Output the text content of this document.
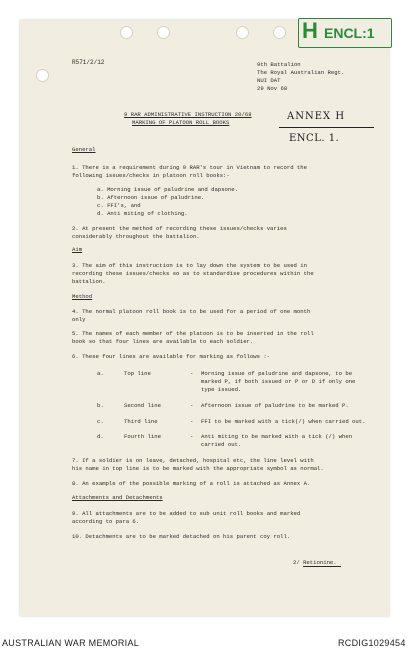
H ENCL:1
R571/2/12	9th Battalion
The Royal Australian Regt.
NUI DAT
29 Nov 68
9 RAR ADMINISTRATIVE INSTRUCTION 20/68
MARKING OF PLATOON ROLL BOOKS
ANNEX H
ENCL. 1.
General
1. There is a requirement during 9 RAR's tour in Vietnam to record the
following issues/checks in platoon roll books:-
a. Morning issue of paludrine and dapsone.
b. Afternoon issue of paludrine.
c. FFI's, and
d. Anti miting of clothing.
2. At present the method of recording these issues/checks varies
considerably throughout the battalion.
Aim
3. The aim of this instruction is to lay down the system to be used in
recording these issues/checks so as to standardise procedures within the
battalion.
Method
4. The normal platoon roll book is to be used for a period of one month
only
5. The names of each member of the platoon is to be inserted in the roll
book so that four lines are available to each soldier.
6. These four lines are available for marking as follows :-
a.	Top line	- Morning issue of paludrine and dapsone, to be
marked P, if both issued or P or D if only one
type issued.
b.	Second line	- Afternoon issue of paludrine to be marked P.
c.	Third line	- FFI to be marked with a tick(/) when carried out.
d.	Fourth line	- Anti miting to be marked with a tick (/) when
carried out.
7. If a soldier is on leave, detached, hospital etc, the line level with
his name in top line is to be marked with the appropriate symbol as normal.
8. An example of the possible marking of a roll is attached as Annex A.
Attachments and Detachments
9. All attachments are to be added to sub unit roll books and marked
according to para 6.
10. Detachments are to be marked detached on his parent coy roll.
2/ Retionine.
AUSTRALIAN WAR MEMORIAL	RCDIG1029454
